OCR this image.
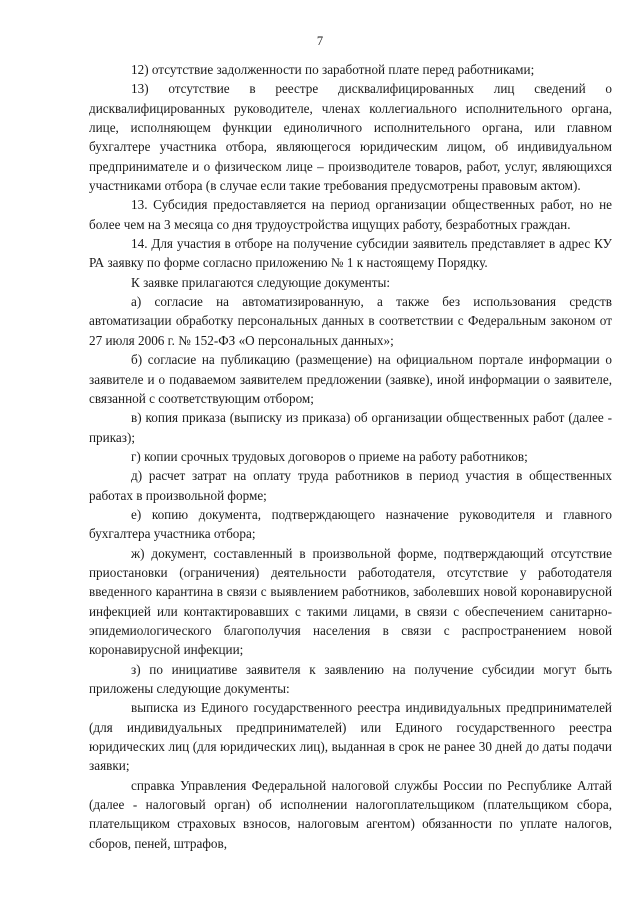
7

12) отсутствие задолженности по заработной плате перед работниками;

13) отсутствие в реестре дисквалифицированных лиц сведений о дисквалифицированных руководителе, членах коллегиального исполнительного органа, лице, исполняющем функции единоличного исполнительного органа, или главном бухгалтере участника отбора, являющегося юридическим лицом, об индивидуальном предпринимателе и о физическом лице – производителе товаров, работ, услуг, являющихся участниками отбора (в случае если такие требования предусмотрены правовым актом).

13. Субсидия предоставляется на период организации общественных работ, но не более чем на 3 месяца со дня трудоустройства ищущих работу, безработных граждан.

14. Для участия в отборе на получение субсидии заявитель представляет в адрес КУ РА заявку по форме согласно приложению № 1 к настоящему Порядку.

К заявке прилагаются следующие документы:

а) согласие на автоматизированную, а также без использования средств автоматизации обработку персональных данных в соответствии с Федеральным законом от 27 июля 2006 г. № 152-ФЗ «О персональных данных»;

б) согласие на публикацию (размещение) на официальном портале информации о заявителе и о подаваемом заявителем предложении (заявке), иной информации о заявителе, связанной с соответствующим отбором;

в) копия приказа (выписку из приказа) об организации общественных работ (далее - приказ);

г) копии срочных трудовых договоров о приеме на работу работников;

д) расчет затрат на оплату труда работников в период участия в общественных работах в произвольной форме;

е) копию документа, подтверждающего назначение руководителя и главного бухгалтера участника отбора;

ж) документ, составленный в произвольной форме, подтверждающий отсутствие приостановки (ограничения) деятельности работодателя, отсутствие у работодателя введенного карантина в связи с выявлением работников, заболевших новой коронавирусной инфекцией или контактировавших с такими лицами, в связи с обеспечением санитарно-эпидемиологического благополучия населения в связи с распространением новой коронавирусной инфекции;

з) по инициативе заявителя к заявлению на получение субсидии могут быть приложены следующие документы:

выписка из Единого государственного реестра индивидуальных предпринимателей (для индивидуальных предпринимателей) или Единого государственного реестра юридических лиц (для юридических лиц), выданная в срок не ранее 30 дней до даты подачи заявки;

справка Управления Федеральной налоговой службы России по Республике Алтай (далее - налоговый орган) об исполнении налогоплательщиком (плательщиком сбора, плательщиком страховых взносов, налоговым агентом) обязанности по уплате налогов, сборов, пеней, штрафов,
